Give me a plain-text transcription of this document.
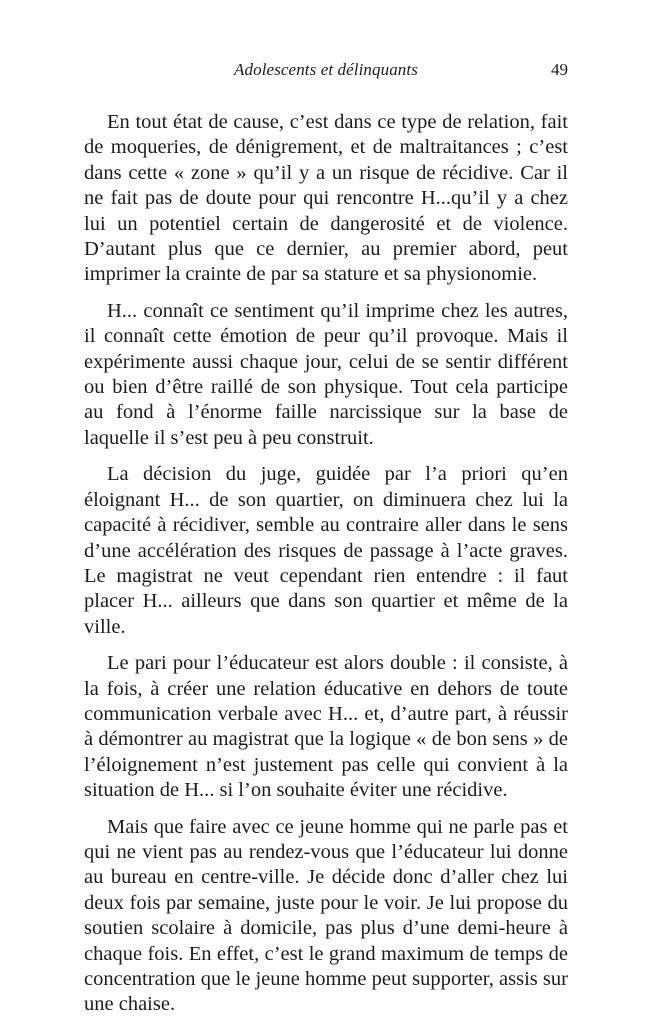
Adolescents et délinquants	49

En tout état de cause, c’est dans ce type de relation, fait de moqueries, de dénigrement, et de maltraitances ; c’est dans cette « zone » qu’il y a un risque de récidive. Car il ne fait pas de doute pour qui rencontre H...qu’il y a chez lui un potentiel certain de dangerosité et de violence. D’autant plus que ce dernier, au premier abord, peut imprimer la crainte de par sa stature et sa physionomie.

H... connaît ce sentiment qu’il imprime chez les autres, il connaît cette émotion de peur qu’il provoque. Mais il expérimente aussi chaque jour, celui de se sentir différent ou bien d’être raillé de son physique. Tout cela participe au fond à l’énorme faille narcissique sur la base de laquelle il s’est peu à peu construit.

La décision du juge, guidée par l’a priori qu’en éloignant H... de son quartier, on diminuera chez lui la capacité à récidiver, semble au contraire aller dans le sens d’une accélération des risques de passage à l’acte graves. Le magistrat ne veut cependant rien entendre : il faut placer H... ailleurs que dans son quartier et même de la ville.

Le pari pour l’éducateur est alors double : il consiste, à la fois, à créer une relation éducative en dehors de toute communication verbale avec H... et, d’autre part, à réussir à démontrer au magistrat que la logique « de bon sens » de l’éloignement n’est justement pas celle qui convient à la situation de H... si l’on souhaite éviter une récidive.

Mais que faire avec ce jeune homme qui ne parle pas et qui ne vient pas au rendez-vous que l’éducateur lui donne au bureau en centre-ville. Je décide donc d’aller chez lui deux fois par semaine, juste pour le voir. Je lui propose du soutien scolaire à domicile, pas plus d’une demi-heure à chaque fois. En effet, c’est le grand maximum de temps de concentration que le jeune homme peut supporter, assis sur une chaise.
